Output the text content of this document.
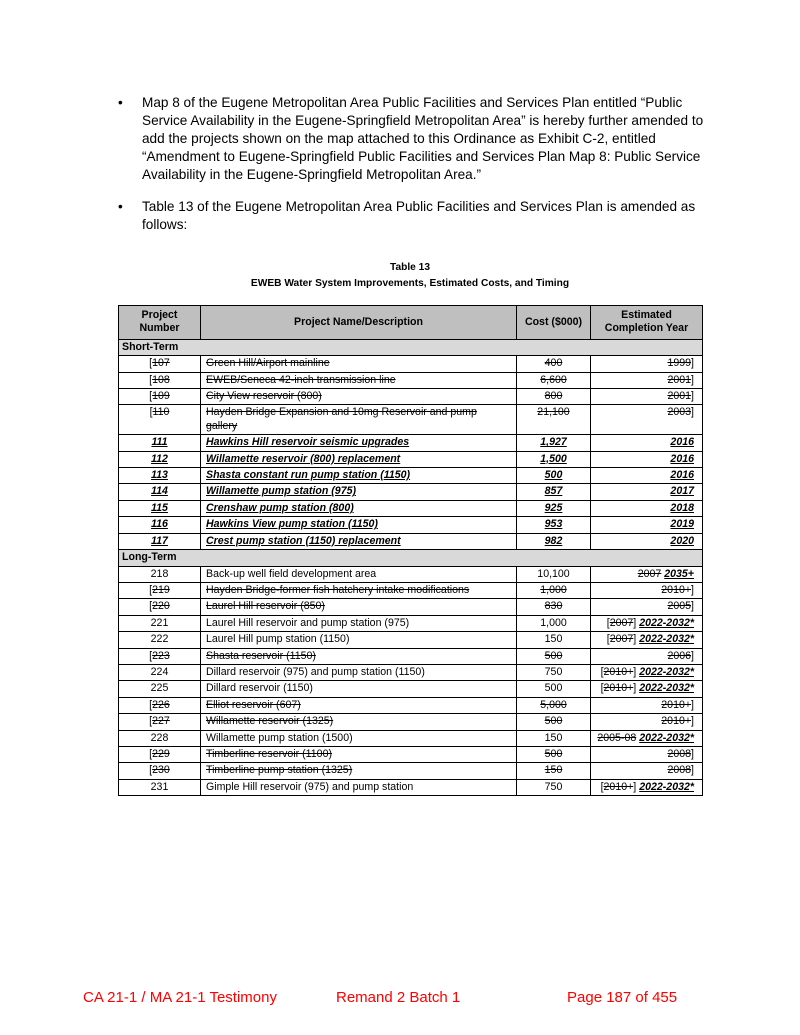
• Map 8 of the Eugene Metropolitan Area Public Facilities and Services Plan entitled “Public Service Availability in the Eugene-Springfield Metropolitan Area” is hereby further amended to add the projects shown on the map attached to this Ordinance as Exhibit C-2, entitled “Amendment to Eugene-Springfield Public Facilities and Services Plan Map 8: Public Service Availability in the Eugene-Springfield Metropolitan Area.”
• Table 13 of the Eugene Metropolitan Area Public Facilities and Services Plan is amended as follows:
Table 13
EWEB Water System Improvements, Estimated Costs, and Timing
Project Number	Project Name/Description	Cost ($000)	Estimated Completion Year
Short-Term			
[107	Green Hill/Airport mainline	400	1999]
[108	EWEB/Seneca 42-inch transmission line	6,600	2001]
[109	City View reservoir (800)	800	2001]
[110	Hayden Bridge Expansion and 10mg Reservoir and pump gallery	21,100	2003]
111	Hawkins Hill reservoir seismic upgrades	1,927	2016
112	Willamette reservoir (800) replacement	1,500	2016
113	Shasta constant run pump station (1150)	500	2016
114	Willamette pump station (975)	857	2017
115	Crenshaw pump station (800)	925	2018
116	Hawkins View pump station (1150)	953	2019
117	Crest pump station (1150) replacement	982	2020
Long-Term			
218	Back-up well field development area	10,100	2007 2035+
[219	Hayden Bridge-former fish hatchery intake modifications	1,000	2010+]
[220	Laurel Hill reservoir (850)	830	2005]
221	Laurel Hill reservoir and pump station (975)	1,000	[2007] 2022-2032*
222	Laurel Hill pump station (1150)	150	[2007] 2022-2032*
[223	Shasta reservoir (1150)	500	2006]
224	Dillard reservoir (975) and pump station (1150)	750	[2010+] 2022-2032*
225	Dillard reservoir (1150)	500	[2010+] 2022-2032*
[226	Elliot reservoir (607)	5,000	2010+]
[227	Willamette reservoir (1325)	500	2010+]
228	Willamette pump station (1500)	150	2005-08 2022-2032*
[229	Timberline reservoir (1100)	500	2008]
[230	Timberline pump station (1325)	150	2008]
231	Gimple Hill reservoir (975) and pump station	750	[2010+] 2022-2032*
CA 21-1 / MA 21-1 Testimony	Remand 2 Batch 1	Page 187 of 455
